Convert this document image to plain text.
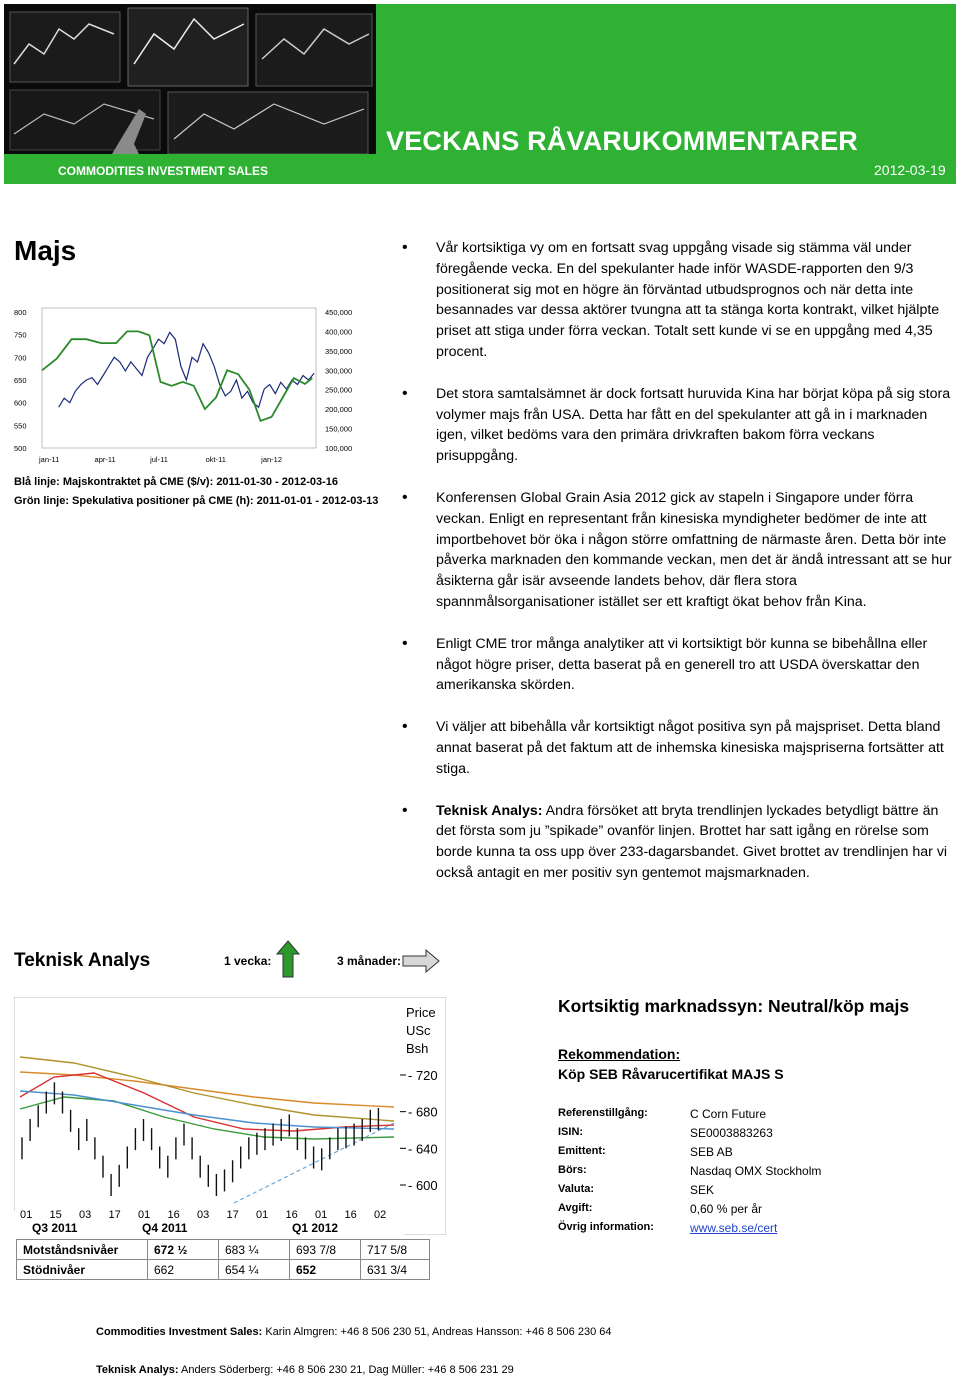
COMMODITIES INVESTMENT SALES
VECKANS RÅVARUKOMMENTARER
2012-03-19
Majs
800
750
700
650
600
550
500
450,000
400,000
350,000
300,000
250,000
200,000
150,000
100,000
jan-11	apr-11	jul-11	okt-11	jan-12
Blå linje: Majskontraktet på CME ($/v): 2011-01-30 - 2012-03-16
Grön linje: Spekulativa positioner på CME (h): 2011-01-01 - 2012-03-13
• Vår kortsiktiga vy om en fortsatt svag uppgång visade sig stämma väl under föregående vecka. En del spekulanter hade inför WASDE-rapporten den 9/3 positionerat sig mot en högre än förväntad utbudsprognos och när detta inte besannades var dessa aktörer tvungna att ta stänga korta kontrakt, vilket hjälpte priset att stiga under förra veckan. Totalt sett kunde vi se en uppgång med 4,35 procent.
• Det stora samtalsämnet är dock fortsatt huruvida Kina har börjat köpa på sig stora volymer majs från USA. Detta har fått en del spekulanter att gå in i marknaden igen, vilket bedöms vara den primära drivkraften bakom förra veckans prisuppgång.
• Konferensen Global Grain Asia 2012 gick av stapeln i Singapore under förra veckan. Enligt en representant från kinesiska myndigheter bedömer de inte att importbehovet bör öka i någon större omfattning de närmaste åren. Detta bör inte påverka marknaden den kommande veckan, men det är ändå intressant att se hur åsikterna går isär avseende landets behov, där flera stora spannmålsorganisationer istället ser ett kraftigt ökat behov från Kina.
• Enligt CME tror många analytiker att vi kortsiktigt bör kunna se bibehållna eller något högre priser, detta baserat på en generell tro att USDA överskattar den amerikanska skörden.
• Vi väljer att bibehålla vår kortsiktigt något positiva syn på majspriset. Detta bland annat baserat på det faktum att de inhemska kinesiska majspriserna fortsätter att stiga.
• Teknisk Analys: Andra försöket att bryta trendlinjen lyckades betydligt bättre än det första som ju ”spikade” ovanför linjen. Brottet har satt igång en rörelse som borde kunna ta oss upp över 233-dagarsbandet. Givet brottet av trendlinjen har vi också antagit en mer positiv syn gentemot majsmarknaden.
Teknisk Analys	1 vecka:	3 månader:
Price
USc
Bsh
- 720
- 680
- 640
- 600
01 15 03 17 01 16 03 17 01 16 01 16 02
Q3 2011	Q4 2011	Q1 2012
Motståndsnivåer	672 ½	683 ¼	693 7/8	717 5/8
Stödnivåer	662	654 ¼	652	631 3/4
Kortsiktig marknadssyn: Neutral/köp majs
Rekommendation:
Köp SEB Råvarucertifikat MAJS S
Referenstillgång:	C Corn Future
ISIN:	SE0003883263
Emittent:	SEB AB
Börs:	Nasdaq OMX Stockholm
Valuta:	SEK
Avgift:	0,60 % per år
Övrig information:	www.seb.se/cert
Commodities Investment Sales: Karin Almgren: +46 8 506 230 51, Andreas Hansson: +46 8 506 230 64
Teknisk Analys: Anders Söderberg: +46 8 506 230 21, Dag Müller: +46 8 506 231 29
